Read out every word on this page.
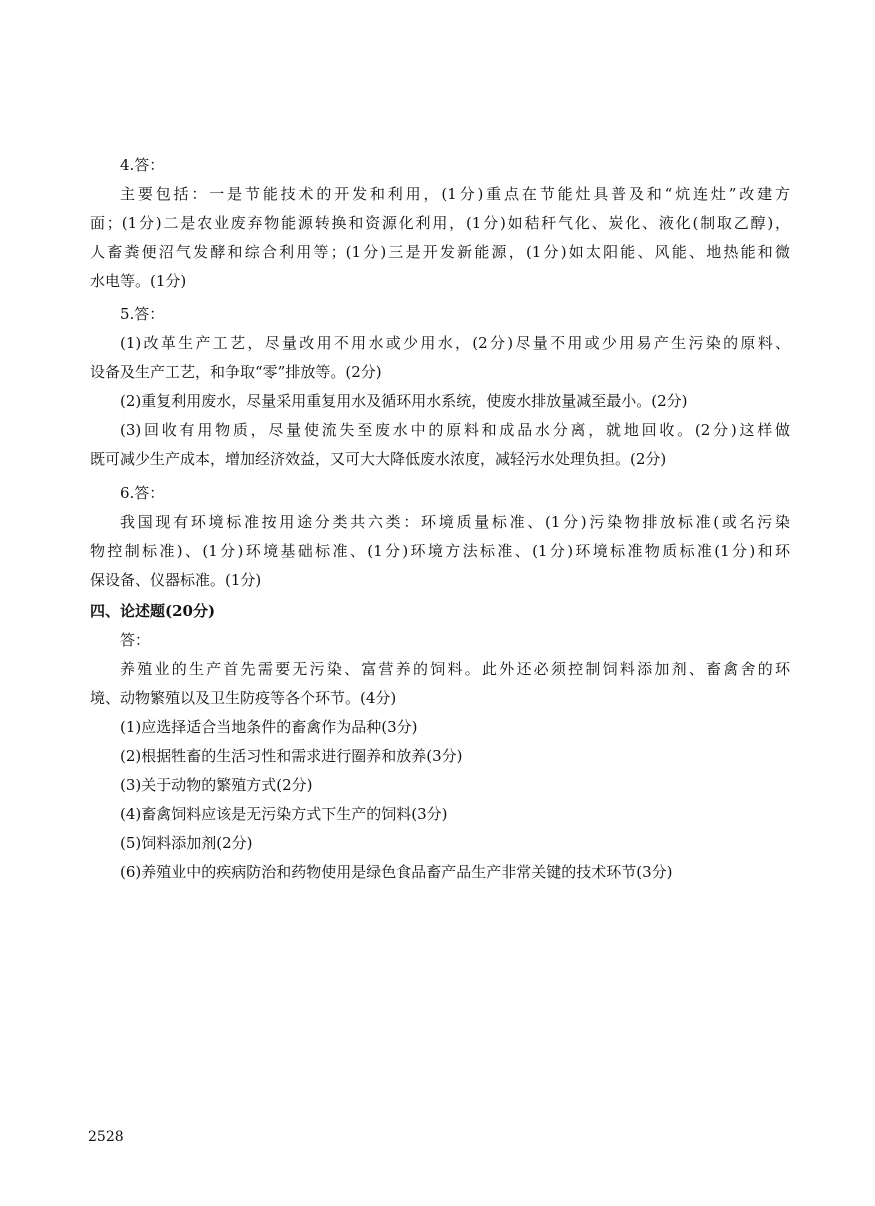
4.答：
主要包括：一是节能技术的开发和利用，(1分)重点在节能灶具普及和“炕连灶”改建方
面；(1分)二是农业废弃物能源转换和资源化利用，(1分)如秸秆气化、炭化、液化(制取乙醇)，
人畜粪便沼气发酵和综合利用等；(1分)三是开发新能源，(1分)如太阳能、风能、地热能和微
水电等。(1分)
5.答：
(1)改革生产工艺，尽量改用不用水或少用水，(2分)尽量不用或少用易产生污染的原料、
设备及生产工艺，和争取“零”排放等。(2分)
(2)重复利用废水，尽量采用重复用水及循环用水系统，使废水排放量减至最小。(2分)
(3)回收有用物质，尽量使流失至废水中的原料和成品水分离，就地回收。(2分)这样做
既可减少生产成本，增加经济效益，又可大大降低废水浓度，减轻污水处理负担。(2分)
6.答：
我国现有环境标准按用途分类共六类：环境质量标准、(1分)污染物排放标准(或名污染
物控制标准)、(1分)环境基础标准、(1分)环境方法标准、(1分)环境标准物质标准(1分)和环
保设备、仪器标准。(1分)
四、论述题(20分)
答：
养殖业的生产首先需要无污染、富营养的饲料。此外还必须控制饲料添加剂、畜禽舍的环
境、动物繁殖以及卫生防疫等各个环节。(4分)
(1)应选择适合当地条件的畜禽作为品种(3分)
(2)根据牲畜的生活习性和需求进行圈养和放养(3分)
(3)关于动物的繁殖方式(2分)
(4)畜禽饲料应该是无污染方式下生产的饲料(3分)
(5)饲料添加剂(2分)
(6)养殖业中的疾病防治和药物使用是绿色食品畜产品生产非常关键的技术环节(3分)
2528
